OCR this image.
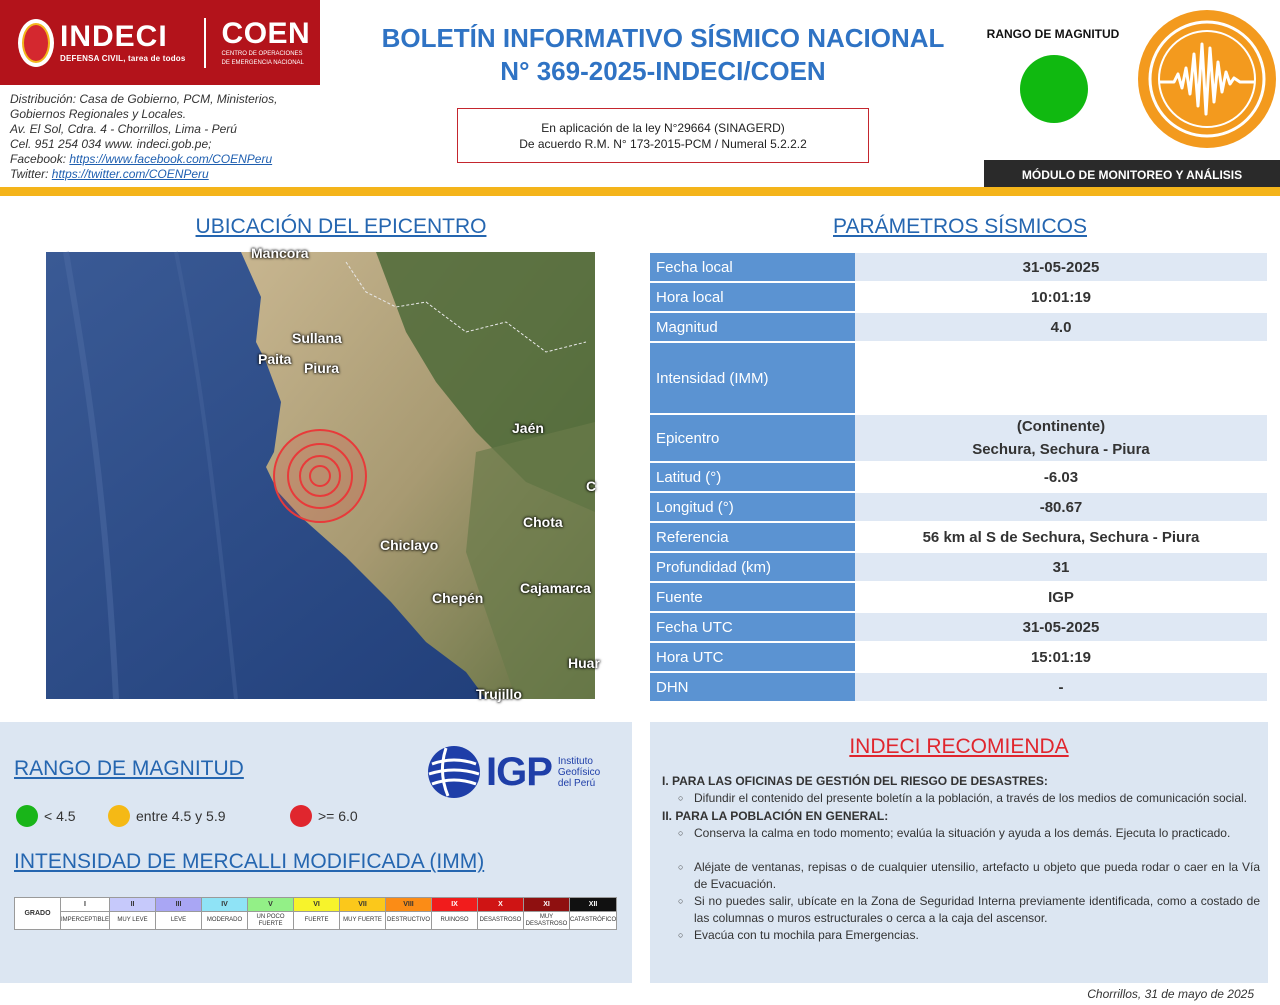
INDECI
DEFENSA CIVIL, tarea de todos
COEN
CENTRO DE OPERACIONES
DE EMERGENCIA NACIONAL
Distribución: Casa de Gobierno, PCM, Ministerios,
Gobiernos Regionales y Locales.
Av. El Sol, Cdra. 4 - Chorrillos, Lima - Perú
Cel. 951 254 034 www. indeci.gob.pe;
Facebook: https://www.facebook.com/COENPeru
Twitter: https://twitter.com/COENPeru
BOLETÍN INFORMATIVO SÍSMICO NACIONAL
N° 369-2025-INDECI/COEN
En aplicación de la ley N°29664 (SINAGERD)
De acuerdo R.M. N° 173-2015-PCM / Numeral 5.2.2.2
RANGO DE MAGNITUD
MÓDULO DE MONITOREO Y ANÁLISIS
UBICACIÓN DEL EPICENTRO
Mancora
Sullana
Paita
Piura
Jaén
C
Chota
Chiclayo
Chepén
Cajamarca
Huar
Trujillo
PARÁMETROS SÍSMICOS
Fecha local	31-05-2025
Hora local	10:01:19
Magnitud	4.0
Intensidad (IMM)	
Epicentro	(Continente)
Sechura, Sechura - Piura

Latitud (°)	-6.03
Longitud (°)	-80.67
Referencia	56 km al S de Sechura, Sechura - Piura
Profundidad (km)	31
Fuente	IGP
Fecha UTC	31-05-2025
Hora UTC	15:01:19
DHN	-
RANGO DE MAGNITUD
< 4.5	entre 4.5 y 5.9	>= 6.0
IGP Instituto
Geofísico
del Perú
INTENSIDAD DE MERCALLI MODIFICADA (IMM)
GRADO	I	II	III	IV	V	VI	VII	VIII	IX	X	XI	XII
	IMPERCEPTIBLE	MUY LEVE	LEVE	MODERADO	UN POCO FUERTE	FUERTE	MUY FUERTE	DESTRUCTIVO	RUINOSO	DESASTROSO	MUY DESASTROSO	CATASTRÓFICO
INDECI RECOMIENDA
I. PARA LAS OFICINAS DE GESTIÓN DEL RIESGO DE DESASTRES:
○ Difundir el contenido del presente boletín a la población, a través de los medios de comunicación social.
II. PARA LA POBLACIÓN EN GENERAL:
○ Conserva la calma en todo momento; evalúa la situación y ayuda a los demás. Ejecuta lo practicado.
○ Aléjate de ventanas, repisas o de cualquier utensilio, artefacto u objeto que pueda rodar o caer en la Vía de Evacuación.
○ Si no puedes salir, ubícate en la Zona de Seguridad Interna previamente identificada, como a costado de las columnas o muros estructurales o cerca a la caja del ascensor.
○ Evacúa con tu mochila para Emergencias.
Chorrillos, 31 de mayo de 2025
